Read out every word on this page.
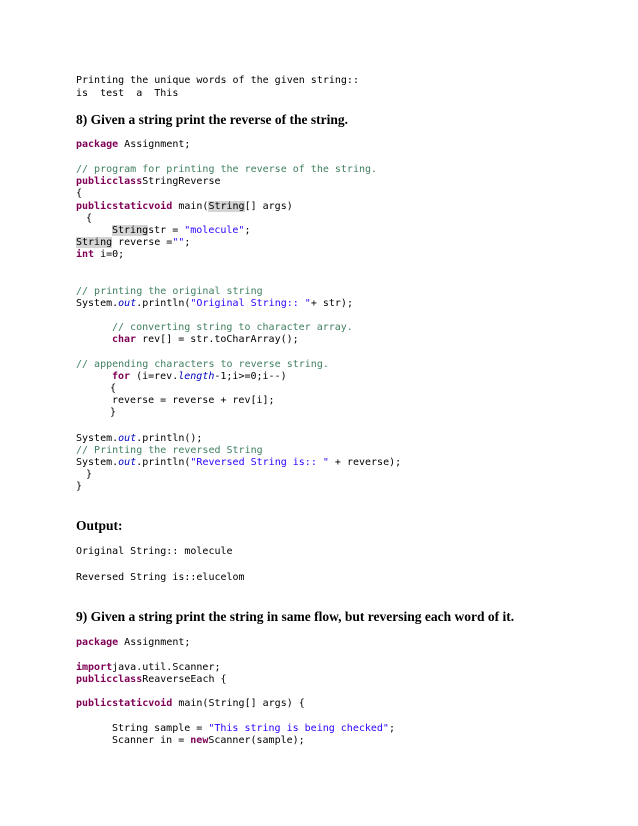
Printing the unique words of the given string::
is  test  a  This
8) Given a string print the reverse of the string.
package Assignment;
// program for printing the reverse of the string.
publicclassStringReverse
{
publicstaticvoid main(String[] args)
{
Stringstr = "molecule";
String reverse ="";
int i=0;
// printing the original string
System.out.println("Original String:: "+ str);
// converting string to character array.
char rev[] = str.toCharArray();
// appending characters to reverse string.
for (i=rev.length-1;i>=0;i--)
{
reverse = reverse + rev[i];
}
System.out.println();
// Printing the reversed String
System.out.println("Reversed String is:: " + reverse);
}
}
Output:
Original String:: molecule
Reversed String is::elucelom
9) Given a string print the string in same flow, but reversing each word of it.
package Assignment;
importjava.util.Scanner;
publicclassReaverseEach {
publicstaticvoid main(String[] args) {
String sample = "This string is being checked";
Scanner in = newScanner(sample);
